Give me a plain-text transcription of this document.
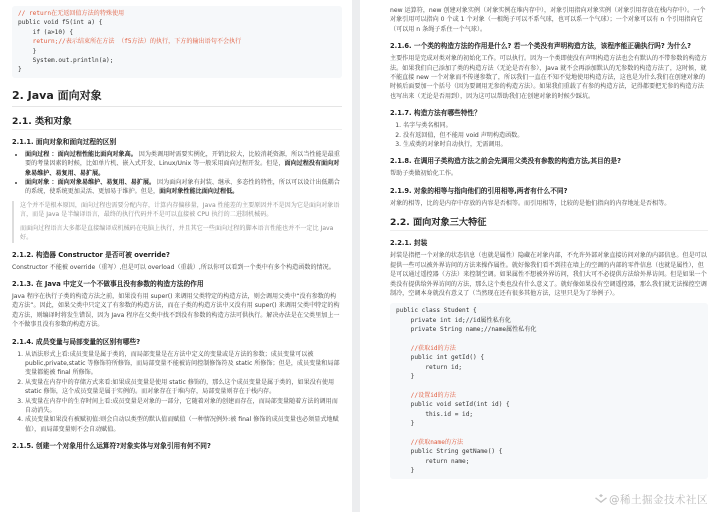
// return在无返回值方法的特殊使用
public void f5(int a) {
if (a>10) {
return;//表示结束所在方法 （f5方法）的执行，下方的输出语句不会执行
}
System.out.println(a);
}
2. Java 面向对象
2.1. 类和对象
2.1.1. 面向对象和面向过程的区别
• 面向过程 ：面向过程性能比面向对象高。 因为类调用时需要实例化，开销比较大，比较消耗资源，所以当性能是最重要的考量因素的时候，比如单片机、嵌入式开发、Linux/Unix 等一般采用面向过程开发。但是，面向过程没有面向对象易维护、易复用、易扩展。
• 面向对象 ：面向对象易维护、易复用、易扩展。 因为面向对象有封装、继承、多态性的特性，所以可以设计出低耦合的系统，使系统更加灵活、更加易于维护。但是，面向对象性能比面向过程低。

这个并不是根本原因，面向过程也需要分配内存，计算内存偏移量，Java 性能差的主要原因并不是因为它是面向对象语言，而是 Java 是半编译语言，最终的执行代码并不是可以直接被 CPU 执行的二进制机械码。

而面向过程语言大多都是直接编译成机械码在电脑上执行，并且其它一些面向过程的脚本语言性能也并不一定比 Java 好。

2.1.2. 构造器 Constructor 是否可被 override?

Constructor 不能被 override（重写）,但是可以 overload（重载）,所以你可以看到一个类中有多个构造函数的情况。

2.1.3. 在 Java 中定义一个不做事且没有参数的构造方法的作用

Java 程序在执行子类的构造方法之前，如果没有用 super() 来调用父类特定的构造方法，则会调用父类中“没有参数的构造方法”。因此，如果父类中只定义了有参数的构造方法，而在子类的构造方法中又没有用 super() 来调用父类中特定的构造方法，则编译时将发生错误，因为 Java 程序在父类中找不到没有参数的构造方法可供执行。解决办法是在父类里加上一个不做事且没有参数的构造方法。

2.1.4. 成员变量与局部变量的区别有哪些?
1. 从语法形式上看:成员变量是属于类的，而局部变量是在方法中定义的变量或是方法的参数；成员变量可以被 public,private,static 等修饰符所修饰，而局部变量不能被访问控制修饰符及 static 所修饰；但是，成员变量和局部变量都能被 final 所修饰。
2. 从变量在内存中的存储方式来看:如果成员变量是使用 static 修饰的，那么这个成员变量是属于类的，如果没有使用 static 修饰，这个成员变量是属于实例的。而对象存在于堆内存，局部变量则存在于栈内存。
3. 从变量在内存中的生存时间上看:成员变量是对象的一部分，它随着对象的创建而存在，而局部变量随着方法的调用而自动消失。
4. 成员变量如果没有被赋初值:则会自动以类型的默认值而赋值（一种情况例外:被 final 修饰的成员变量也必须显式地赋值），而局部变量则不会自动赋值。
2.1.5. 创建一个对象用什么运算符?对象实体与对象引用有何不同?

new 运算符，new 创建对象实例（对象实例在堆内存中），对象引用指向对象实例（对象引用存放在栈内存中）。一个对象引用可以指向 0 个或 1 个对象（一根绳子可以不系气球，也可以系一个气球）；一个对象可以有 n 个引用指向它（可以用 n 条绳子系住一个气球）。

2.1.6. 一个类的构造方法的作用是什么? 若一个类没有声明构造方法，该程序能正确执行吗? 为什么?

主要作用是完成对类对象的初始化工作。可以执行。因为一个类即使没有声明构造方法也会有默认的不带参数的构造方法。如果我们自己添加了类的构造方法（无论是否有参），Java 就不会再添加默认的无参数的构造方法了，这时候，就不能直接 new 一个对象而不传递参数了，所以我们一直在不知不觉地使用构造方法，这也是为什么我们在创建对象的时候后面要加一个括号（因为要调用无参的构造方法）。如果我们重载了有参的构造方法，记得都要把无参的构造方法也写出来（无论是否用到），因为这可以帮助我们在创建对象的时候少踩坑。

2.1.7. 构造方法有哪些特性？
1. 名字与类名相同。
2. 没有返回值，但不能用 void 声明构造函数。
3. 生成类的对象时自动执行，无需调用。
2.1.8. 在调用子类构造方法之前会先调用父类没有参数的构造方法,其目的是?

帮助子类做初始化工作。

2.1.9. 对象的相等与指向他们的引用相等,两者有什么不同?

对象的相等，比的是内存中存放的内容是否相等。而引用相等，比较的是他们指向的内存地址是否相等。

2.2. 面向对象三大特征
2.2.1. 封装

封装是指把一个对象的状态信息（也就是属性）隐藏在对象内部，不允许外部对象直接访问对象的内部信息。但是可以提供一些可以被外界访问的方法来操作属性。就好像我们看不到挂在墙上的空调的内部的零件信息（也就是属性），但是可以通过遥控器（方法）来控制空调。如果属性不想被外界访问，我们大可不必提供方法给外界访问。但是如果一个类没有提供给外界访问的方法，那么这个类也没有什么意义了。就好像如果没有空调遥控器，那么我们就无法操控空调制冷，空调本身就没有意义了（当然现在还有很多其他方法，这里只是为了举例子）。

public class Student {
private int id;//id属性私有化
private String name;//name属性私有化

//获取id的方法
public int getId() {
return id;
}

//设置id的方法
public void setId(int id) {
this.id = id;
}

//获取name的方法
public String getName() {
return name;
}
@稀土掘金技术社区
